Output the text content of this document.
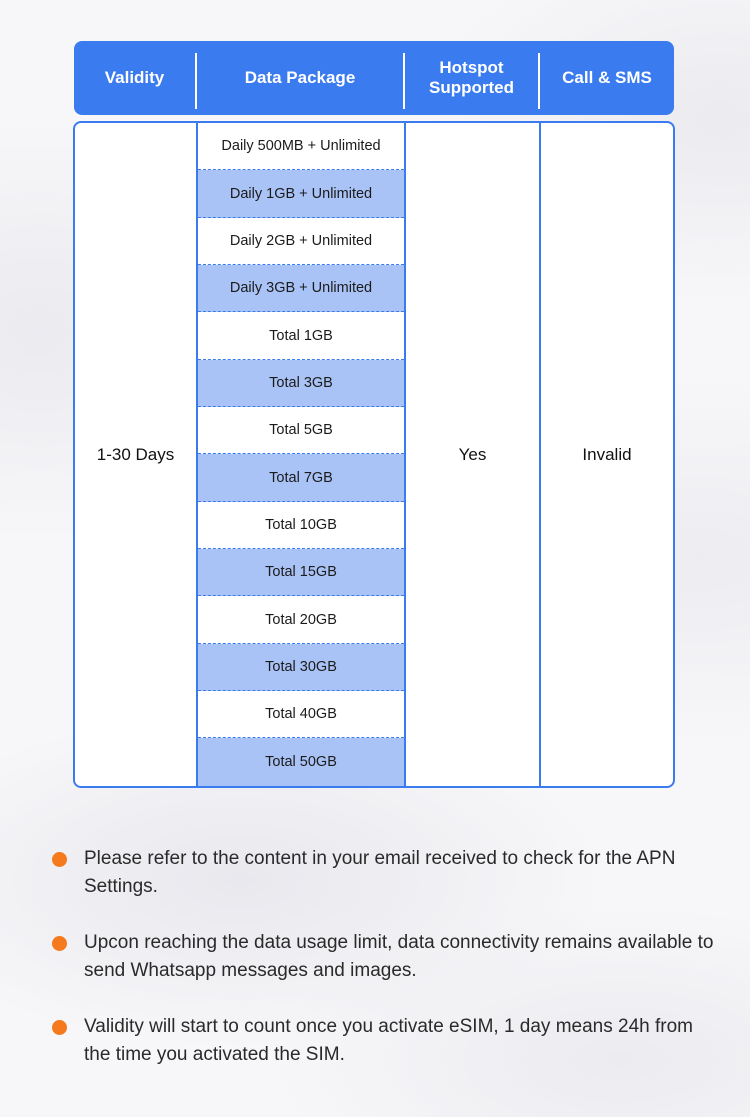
Validity	Data Package
Hotspot
Supported
Call & SMS
1-30 Days
Daily 500MB + Unlimited
Daily 1GB + Unlimited
Daily 2GB + Unlimited
Daily 3GB + Unlimited
Total 1GB
Total 3GB
Total 5GB
Total 7GB
Total 10GB
Total 15GB
Total 20GB
Total 30GB
Total 40GB
Total 50GB
Yes	Invalid
Please refer to the content in your email received to check for the APN Settings.
Upcon reaching the data usage limit, data connectivity remains available to send Whatsapp messages and images.
Validity will start to count once you activate eSIM, 1 day means 24h from the time you activated the SIM.
